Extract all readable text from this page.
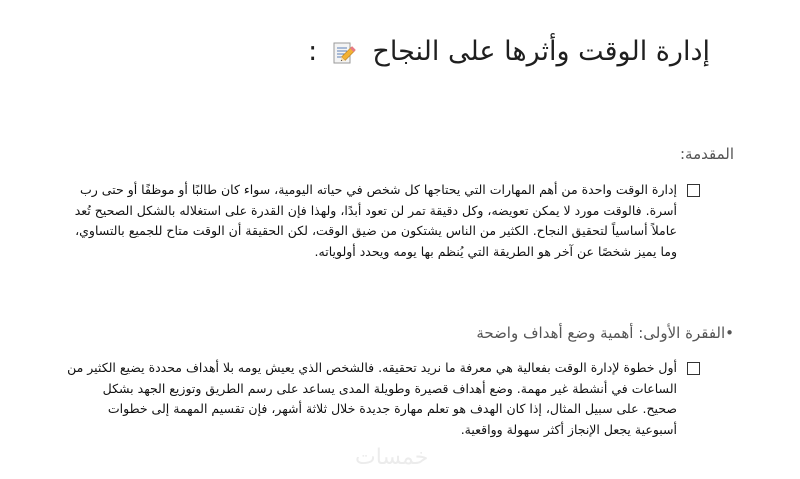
إدارة الوقت وأثرها على النجاح  :
المقدمة:

إدارة الوقت واحدة من أهم المهارات التي يحتاجها كل شخص في حياته اليومية، سواء كان طالبًا أو موظفًا أو حتى رب
أسرة. فالوقت مورد لا يمكن تعويضه، وكل دقيقة تمر لن تعود أبدًا، ولهذا فإن القدرة على استغلاله بالشكل الصحيح تُعد
عاملاً أساسياً لتحقيق النجاح. الكثير من الناس يشتكون من ضيق الوقت، لكن الحقيقة أن الوقت متاح للجميع بالتساوي،
وما يميز شخصًا عن آخر هو الطريقة التي يُنظم بها يومه ويحدد أولوياته.

•الفقرة الأولى: أهمية وضع أهداف واضحة

أول خطوة لإدارة الوقت بفعالية هي معرفة ما نريد تحقيقه. فالشخص الذي يعيش يومه بلا أهداف محددة يضيع الكثير من
الساعات في أنشطة غير مهمة. وضع أهداف قصيرة وطويلة المدى يساعد على رسم الطريق وتوزيع الجهد بشكل
صحيح. على سبيل المثال، إذا كان الهدف هو تعلم مهارة جديدة خلال ثلاثة أشهر، فإن تقسيم المهمة إلى خطوات
أسبوعية يجعل الإنجاز أكثر سهولة وواقعية.

خمسات
